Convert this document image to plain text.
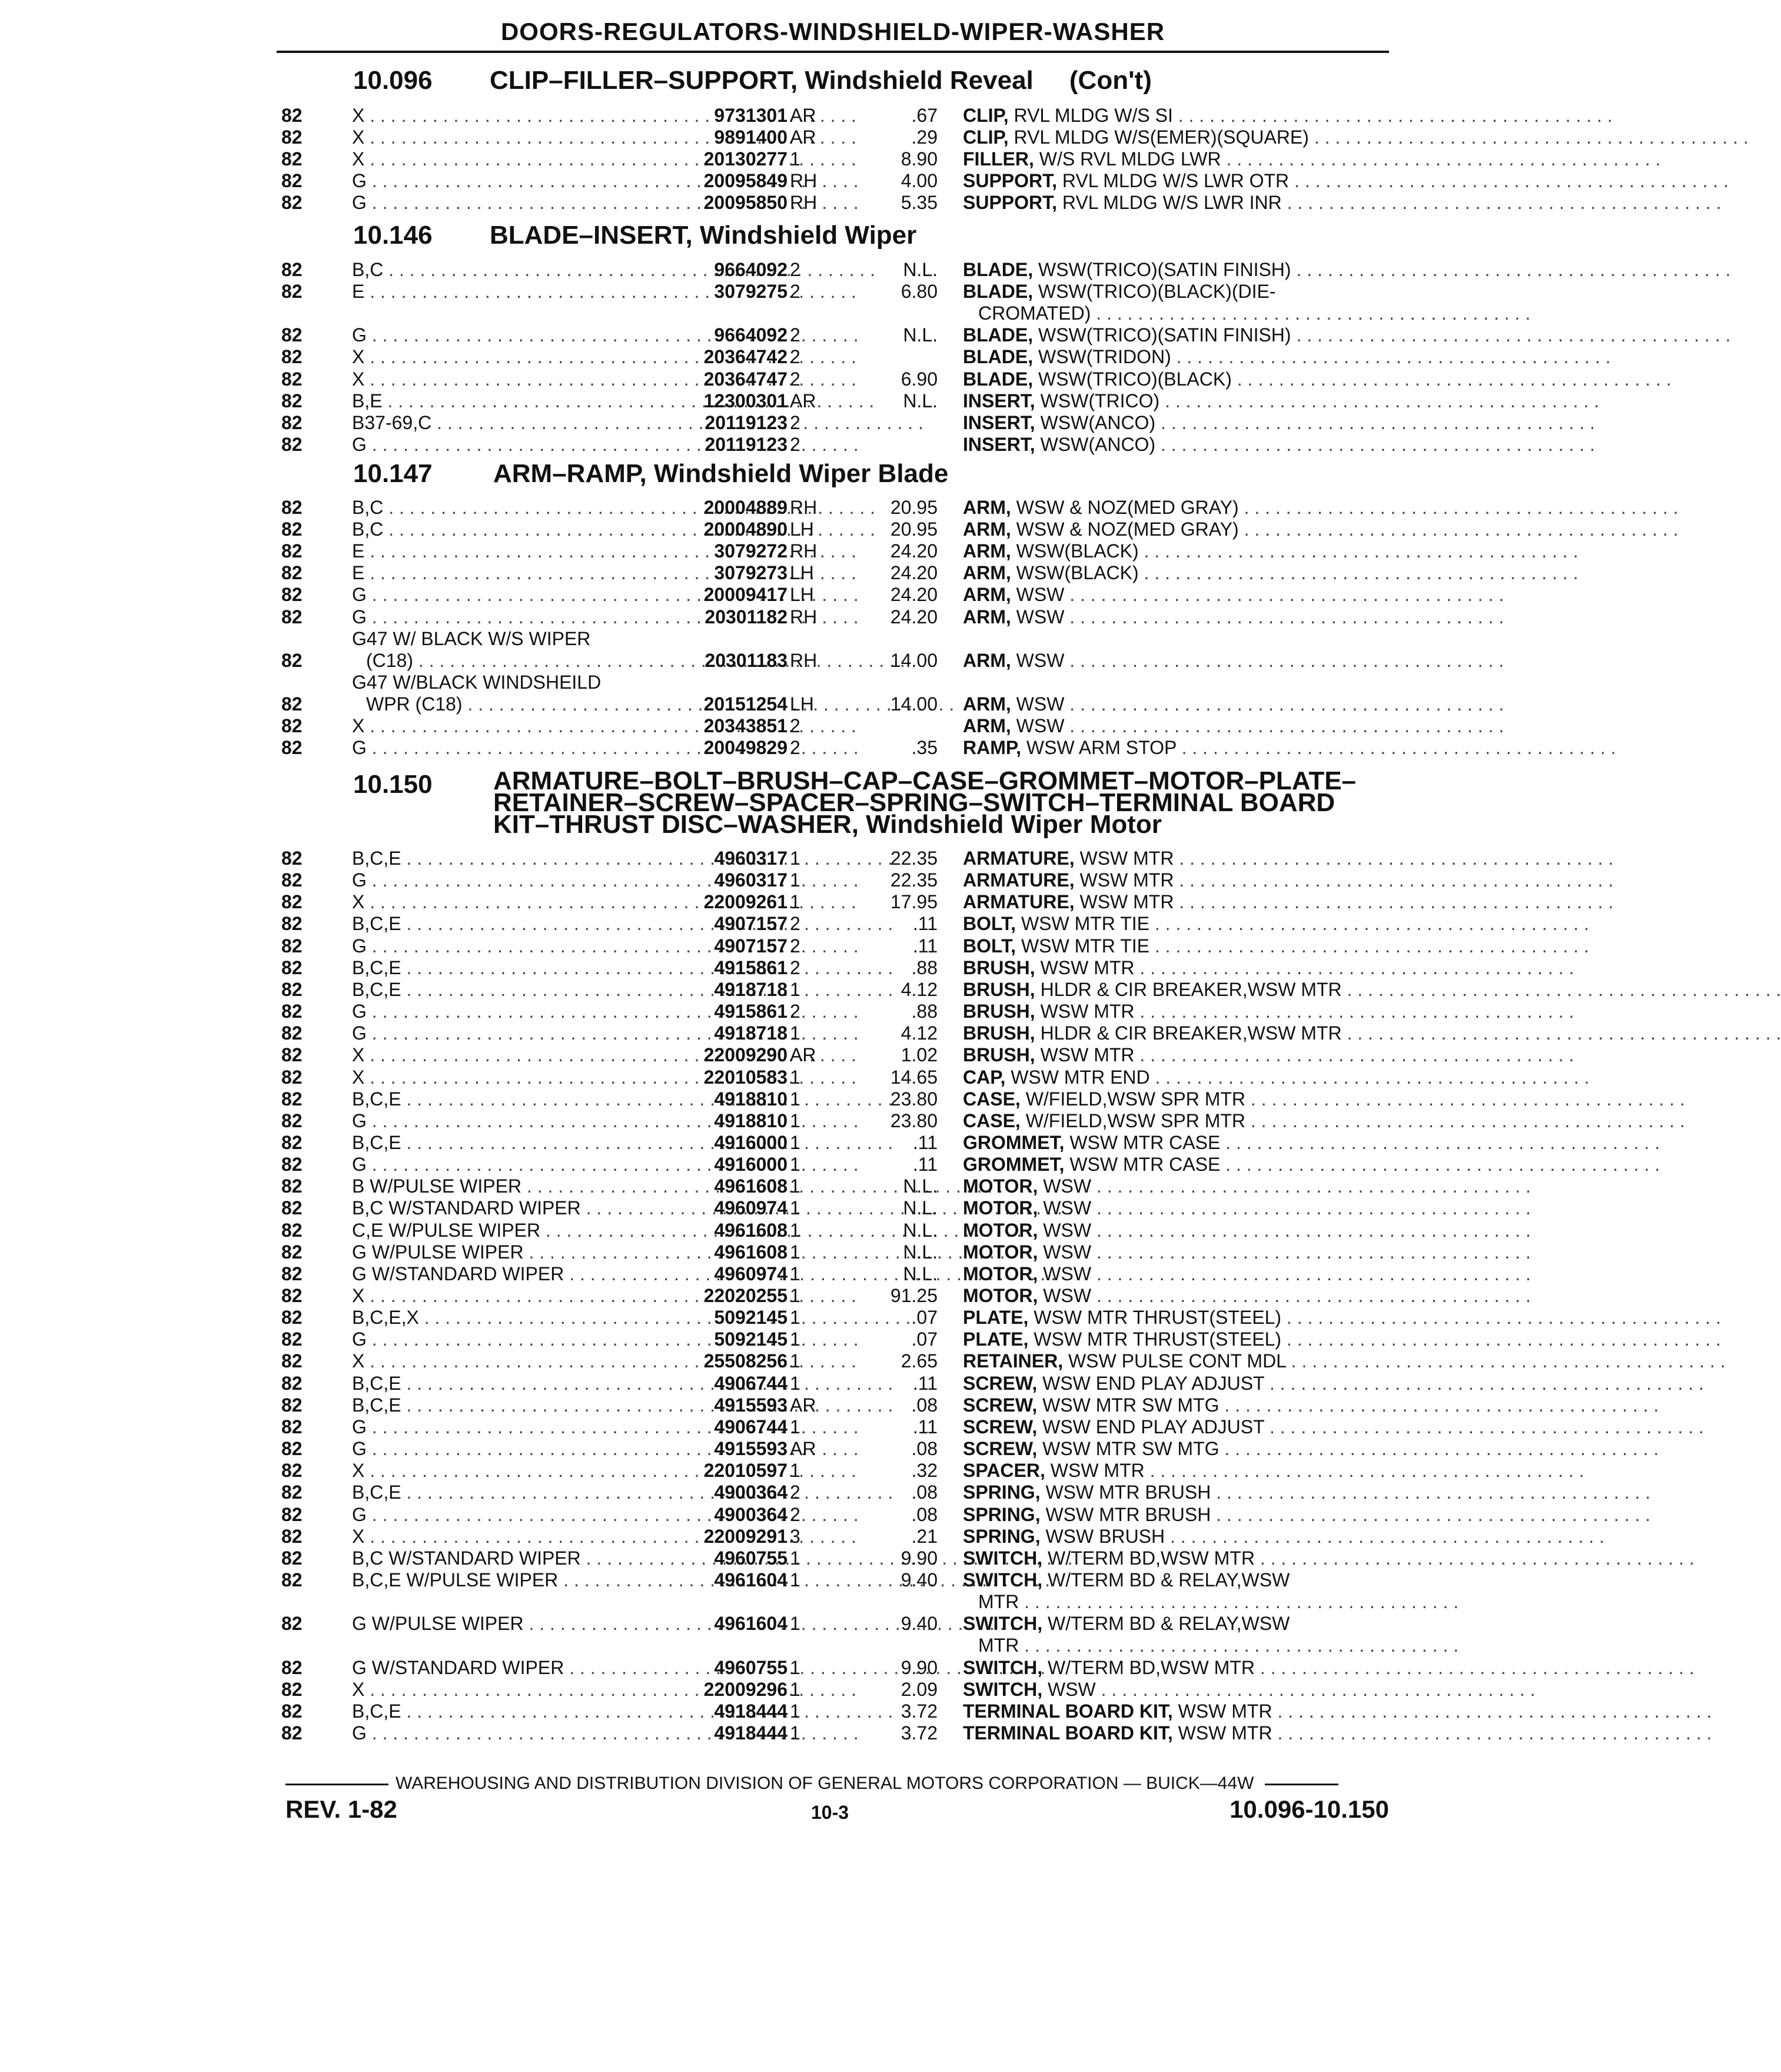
DOORS-REGULATORS-WINDSHIELD-WIPER-WASHER
10.096 CLIP–FILLER–SUPPORT, Windshield Reveal     (Con't)
82	X . . .	9731301 AR	.67 CLIP, RVL MLDG W/S SI . . . . . . . . . . . . . . . . . . . . . . . . . . . . . . . . . . . . . . . . . .
82	X . . .	9891400 AR	.29 CLIP, RVL MLDG W/S(EMER)(SQUARE) . . . . . . . . . . . . . . . . . . . . . . . . . . . . . . . . . . . . . . . . . .
82	X . . .	20130277 1	8.90 FILLER, W/S RVL MLDG LWR . . . . . . . . . . . . . . . . . . . . . . . . . . . . . . . . . . . . . . . . . .
82	G . . .	20095849 RH	4.00 SUPPORT, RVL MLDG W/S LWR OTR . . . . . . . . . . . . . . . . . . . . . . . . . . . . . . . . . . . . . . . . . .
82	G . . .	20095850 RH	5.35 SUPPORT, RVL MLDG W/S LWR INR . . . . . . . . . . . . . . . . . . . . . . . . . . . . . . . . . . . . . . . . . .
10.146 BLADE–INSERT, Windshield Wiper
82	B,C . . .	9664092 2	N.L. BLADE, WSW(TRICO)(SATIN FINISH) . . . . . . . . . . . . . . . . . . . . . . . . . . . . . . . . . . . . . . . . . .
82	E . . .	3079275 2	6.80 BLADE, WSW(TRICO)(BLACK)(DIE-
CROMATED) . . . . . . . . . . . . . . . . . . . . . . . . . . . . . . . . . . . . . . . . . .
82	G . . .	9664092 2	N.L. BLADE, WSW(TRICO)(SATIN FINISH) . . . . . . . . . . . . . . . . . . . . . . . . . . . . . . . . . . . . . . . . . .
82	X . . .	20364742 2	BLADE, WSW(TRIDON) . . . . . . . . . . . . . . . . . . . . . . . . . . . . . . . . . . . . . . . . . .
82	X . . .	20364747 2	6.90 BLADE, WSW(TRICO)(BLACK) . . . . . . . . . . . . . . . . . . . . . . . . . . . . . . . . . . . . . . . . . .
82	B,E . . .	12300301 AR	N.L. INSERT, WSW(TRICO) . . . . . . . . . . . . . . . . . . . . . . . . . . . . . . . . . . . . . . . . . .
82	B37-69,C . . .	20119123 2	INSERT, WSW(ANCO) . . . . . . . . . . . . . . . . . . . . . . . . . . . . . . . . . . . . . . . . . .
82	G . . .	20119123 2	INSERT, WSW(ANCO) . . . . . . . . . . . . . . . . . . . . . . . . . . . . . . . . . . . . . . . . . .
10.147 ARM–RAMP, Windshield Wiper Blade
82	B,C . . .	20004889 RH	20.95 ARM, WSW & NOZ(MED GRAY) . . . . . . . . . . . . . . . . . . . . . . . . . . . . . . . . . . . . . . . . . .
82	B,C . . .	20004890 LH	20.95 ARM, WSW & NOZ(MED GRAY) . . . . . . . . . . . . . . . . . . . . . . . . . . . . . . . . . . . . . . . . . .
82	E . . .	3079272 RH	24.20 ARM, WSW(BLACK) . . . . . . . . . . . . . . . . . . . . . . . . . . . . . . . . . . . . . . . . . .
82	E . . .	3079273 LH	24.20 ARM, WSW(BLACK) . . . . . . . . . . . . . . . . . . . . . . . . . . . . . . . . . . . . . . . . . .
82	G . . .	20009417 LH	24.20 ARM, WSW . . . . . . . . . . . . . . . . . . . . . . . . . . . . . . . . . . . . . . . . . .
82	G . . .	20301182 RH	24.20 ARM, WSW . . . . . . . . . . . . . . . . . . . . . . . . . . . . . . . . . . . . . . . . . .
G47 W/ BLACK W/S WIPER
82	(C18) . . .	20301183 RH	14.00 ARM, WSW . . . . . . . . . . . . . . . . . . . . . . . . . . . . . . . . . . . . . . . . . .
G47 W/BLACK WINDSHEILD
82	WPR (C18) . . .	20151254 LH	14.00 ARM, WSW . . . . . . . . . . . . . . . . . . . . . . . . . . . . . . . . . . . . . . . . . .
82	X . . .	20343851 2	ARM, WSW . . . . . . . . . . . . . . . . . . . . . . . . . . . . . . . . . . . . . . . . . .
82	G . . .	20049829 2	.35 RAMP, WSW ARM STOP . . . . . . . . . . . . . . . . . . . . . . . . . . . . . . . . . . . . . . . . . .
10.150 ARMATURE–BOLT–BRUSH–CAP–CASE–GROMMET–MOTOR–PLATE–
RETAINER–SCREW–SPACER–SPRING–SWITCH–TERMINAL BOARD
KIT–THRUST DISC–WASHER, Windshield Wiper Motor
82	B,C,E . . .	4960317 1	22.35 ARMATURE, WSW MTR . . . . . . . . . . . . . . . . . . . . . . . . . . . . . . . . . . . . . . . . . .
82	G . . .	4960317 1	22.35 ARMATURE, WSW MTR . . . . . . . . . . . . . . . . . . . . . . . . . . . . . . . . . . . . . . . . . .
82	X . . .	22009261 1	17.95 ARMATURE, WSW MTR . . . . . . . . . . . . . . . . . . . . . . . . . . . . . . . . . . . . . . . . . .
82	B,C,E . . .	4907157 2	.11 BOLT, WSW MTR TIE . . . . . . . . . . . . . . . . . . . . . . . . . . . . . . . . . . . . . . . . . .
82	G . . .	4907157 2	.11 BOLT, WSW MTR TIE . . . . . . . . . . . . . . . . . . . . . . . . . . . . . . . . . . . . . . . . . .
82	B,C,E . . .	4915861 2	.88 BRUSH, WSW MTR . . . . . . . . . . . . . . . . . . . . . . . . . . . . . . . . . . . . . . . . . .
82	B,C,E . . .	4918718 1	4.12 BRUSH, HLDR & CIR BREAKER,WSW MTR . . . . . . . . . . . . . . . . . . . . . . . . . . . . . . . . . . . . . . . . . .
82	G . . .	4915861 2	.88 BRUSH, WSW MTR . . . . . . . . . . . . . . . . . . . . . . . . . . . . . . . . . . . . . . . . . .
82	G . . .	4918718 1	4.12 BRUSH, HLDR & CIR BREAKER,WSW MTR . . . . . . . . . . . . . . . . . . . . . . . . . . . . . . . . . . . . . . . . . .
82	X . . .	22009290 AR	1.02 BRUSH, WSW MTR . . . . . . . . . . . . . . . . . . . . . . . . . . . . . . . . . . . . . . . . . .
82	X . . .	22010583 1	14.65 CAP, WSW MTR END . . . . . . . . . . . . . . . . . . . . . . . . . . . . . . . . . . . . . . . . . .
82	B,C,E . . .	4918810 1	23.80 CASE, W/FIELD,WSW SPR MTR . . . . . . . . . . . . . . . . . . . . . . . . . . . . . . . . . . . . . . . . . .
82	G . . .	4918810 1	23.80 CASE, W/FIELD,WSW SPR MTR . . . . . . . . . . . . . . . . . . . . . . . . . . . . . . . . . . . . . . . . . .
82	B,C,E . . .	4916000 1	.11 GROMMET, WSW MTR CASE . . . . . . . . . . . . . . . . . . . . . . . . . . . . . . . . . . . . . . . . . .
82	G . . .	4916000 1	.11 GROMMET, WSW MTR CASE . . . . . . . . . . . . . . . . . . . . . . . . . . . . . . . . . . . . . . . . . .
82	B W/PULSE WIPER . . .	4961608 1	N.L. MOTOR, WSW . . . . . . . . . . . . . . . . . . . . . . . . . . . . . . . . . . . . . . . . . .
82	B,C W/STANDARD WIPER . . .	4960974 1	N.L. MOTOR, WSW . . . . . . . . . . . . . . . . . . . . . . . . . . . . . . . . . . . . . . . . . .
82	C,E W/PULSE WIPER . . .	4961608 1	N.L. MOTOR, WSW . . . . . . . . . . . . . . . . . . . . . . . . . . . . . . . . . . . . . . . . . .
82	G W/PULSE WIPER . . .	4961608 1	N.L. MOTOR, WSW . . . . . . . . . . . . . . . . . . . . . . . . . . . . . . . . . . . . . . . . . .
82	G W/STANDARD WIPER . . .	4960974 1	N.L. MOTOR, WSW . . . . . . . . . . . . . . . . . . . . . . . . . . . . . . . . . . . . . . . . . .
82	X . . .	22020255 1	91.25 MOTOR, WSW . . . . . . . . . . . . . . . . . . . . . . . . . . . . . . . . . . . . . . . . . .
82	B,C,E,X . . .	5092145 1	.07 PLATE, WSW MTR THRUST(STEEL) . . . . . . . . . . . . . . . . . . . . . . . . . . . . . . . . . . . . . . . . . .
82	G . . .	5092145 1	.07 PLATE, WSW MTR THRUST(STEEL) . . . . . . . . . . . . . . . . . . . . . . . . . . . . . . . . . . . . . . . . . .
82	X . . .	25508256 1	2.65 RETAINER, WSW PULSE CONT MDL . . . . . . . . . . . . . . . . . . . . . . . . . . . . . . . . . . . . . . . . . .
82	B,C,E . . .	4906744 1	.11 SCREW, WSW END PLAY ADJUST . . . . . . . . . . . . . . . . . . . . . . . . . . . . . . . . . . . . . . . . . .
82	B,C,E . . .	4915593 AR	.08 SCREW, WSW MTR SW MTG . . . . . . . . . . . . . . . . . . . . . . . . . . . . . . . . . . . . . . . . . .
82	G . . .	4906744 1	.11 SCREW, WSW END PLAY ADJUST . . . . . . . . . . . . . . . . . . . . . . . . . . . . . . . . . . . . . . . . . .
82	G . . .	4915593 AR	.08 SCREW, WSW MTR SW MTG . . . . . . . . . . . . . . . . . . . . . . . . . . . . . . . . . . . . . . . . . .
82	X . . .	22010597 1	.32 SPACER, WSW MTR . . . . . . . . . . . . . . . . . . . . . . . . . . . . . . . . . . . . . . . . . .
82	B,C,E . . .	4900364 2	.08 SPRING, WSW MTR BRUSH . . . . . . . . . . . . . . . . . . . . . . . . . . . . . . . . . . . . . . . . . .
82	G . . .	4900364 2	.08 SPRING, WSW MTR BRUSH . . . . . . . . . . . . . . . . . . . . . . . . . . . . . . . . . . . . . . . . . .
82	X . . .	22009291 3	.21 SPRING, WSW BRUSH . . . . . . . . . . . . . . . . . . . . . . . . . . . . . . . . . . . . . . . . . .
82	B,C W/STANDARD WIPER . . .	4960755 1	9.90 SWITCH, W/TERM BD,WSW MTR . . . . . . . . . . . . . . . . . . . . . . . . . . . . . . . . . . . . . . . . . .
82	B,C,E W/PULSE WIPER . . .	4961604 1	9.40 SWITCH, W/TERM BD & RELAY,WSW
MTR . . . . . . . . . . . . . . . . . . . . . . . . . . . . . . . . . . . . . . . . . .
82	G W/PULSE WIPER . . .	4961604 1	9.40 SWITCH, W/TERM BD & RELAY,WSW
MTR . . . . . . . . . . . . . . . . . . . . . . . . . . . . . . . . . . . . . . . . . .
82	G W/STANDARD WIPER . . .	4960755 1	9.90 SWITCH, W/TERM BD,WSW MTR . . . . . . . . . . . . . . . . . . . . . . . . . . . . . . . . . . . . . . . . . .
82	X . . .	22009296 1	2.09 SWITCH, WSW . . . . . . . . . . . . . . . . . . . . . . . . . . . . . . . . . . . . . . . . . .
82	B,C,E . . .	4918444 1	3.72 TERMINAL BOARD KIT, WSW MTR . . . . . . . . . . . . . . . . . . . . . . . . . . . . . . . . . . . . . . . . . .
82	G . . .	4918444 1	3.72 TERMINAL BOARD KIT, WSW MTR . . . . . . . . . . . . . . . . . . . . . . . . . . . . . . . . . . . . . . . . . .
WAREHOUSING AND DISTRIBUTION DIVISION OF GENERAL MOTORS CORPORATION — BUICK—44W
REV. 1-82	10-3	10.096-10.150
